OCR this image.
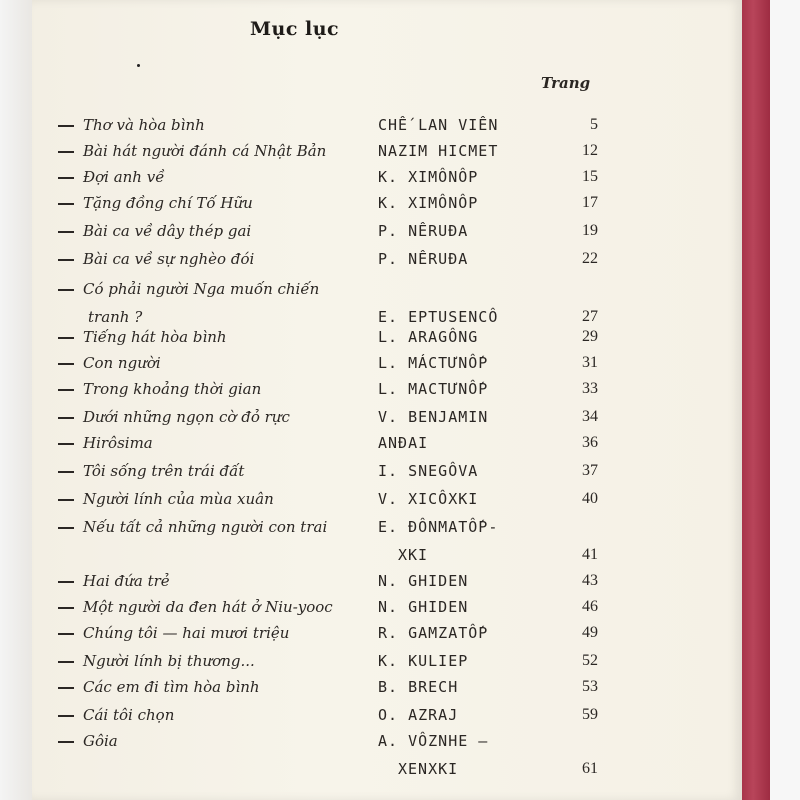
Mục lục
Trang
Thơ và hòa bình	CHẾ LAN VIÊN	5
Bài hát người đánh cá Nhật Bản	NAZIM HICMET	12
Đợi anh về	K. XIMÔNÔP	15
Tặng đồng chí Tố Hữu	K. XIMÔNÔP	17
Bài ca về dây thép gai	P. NÊRUĐA	19
Bài ca về sự nghèo đói	P. NÊRUĐA	22
Có phải người Nga muốn chiến
tranh ?	E. EPTUSENCÔ	27
Tiếng hát hòa bình	L. ARAGÔNG	29
Con người	L. MÁCTƯNỐP	31
Trong khoảng thời gian	L. MACTƯNỐP	33
Dưới những ngọn cờ đỏ rực	V. BENJAMIN	34
Hirôsima	ANĐAI	36
Tôi sống trên trái đất	I. SNEGÔVA	37
Người lính của mùa xuân	V. XICÔXKI	40
Nếu tất cả những người con trai	E. ĐÔNMATỐP-
XKI	41
Hai đứa trẻ	N. GHIDEN	43
Một người da đen hát ở Niu-yooc	N. GHIDEN	46
Chúng tôi — hai mươi triệu	R. GAMZATỐP	49
Người lính bị thương...	K. KULIEP	52
Các em đi tìm hòa bình	B. BRECH	53
Cái tôi chọn	O. AZRAJ	59
Gôia	A. VÔZNHE —
XENXKI	61
